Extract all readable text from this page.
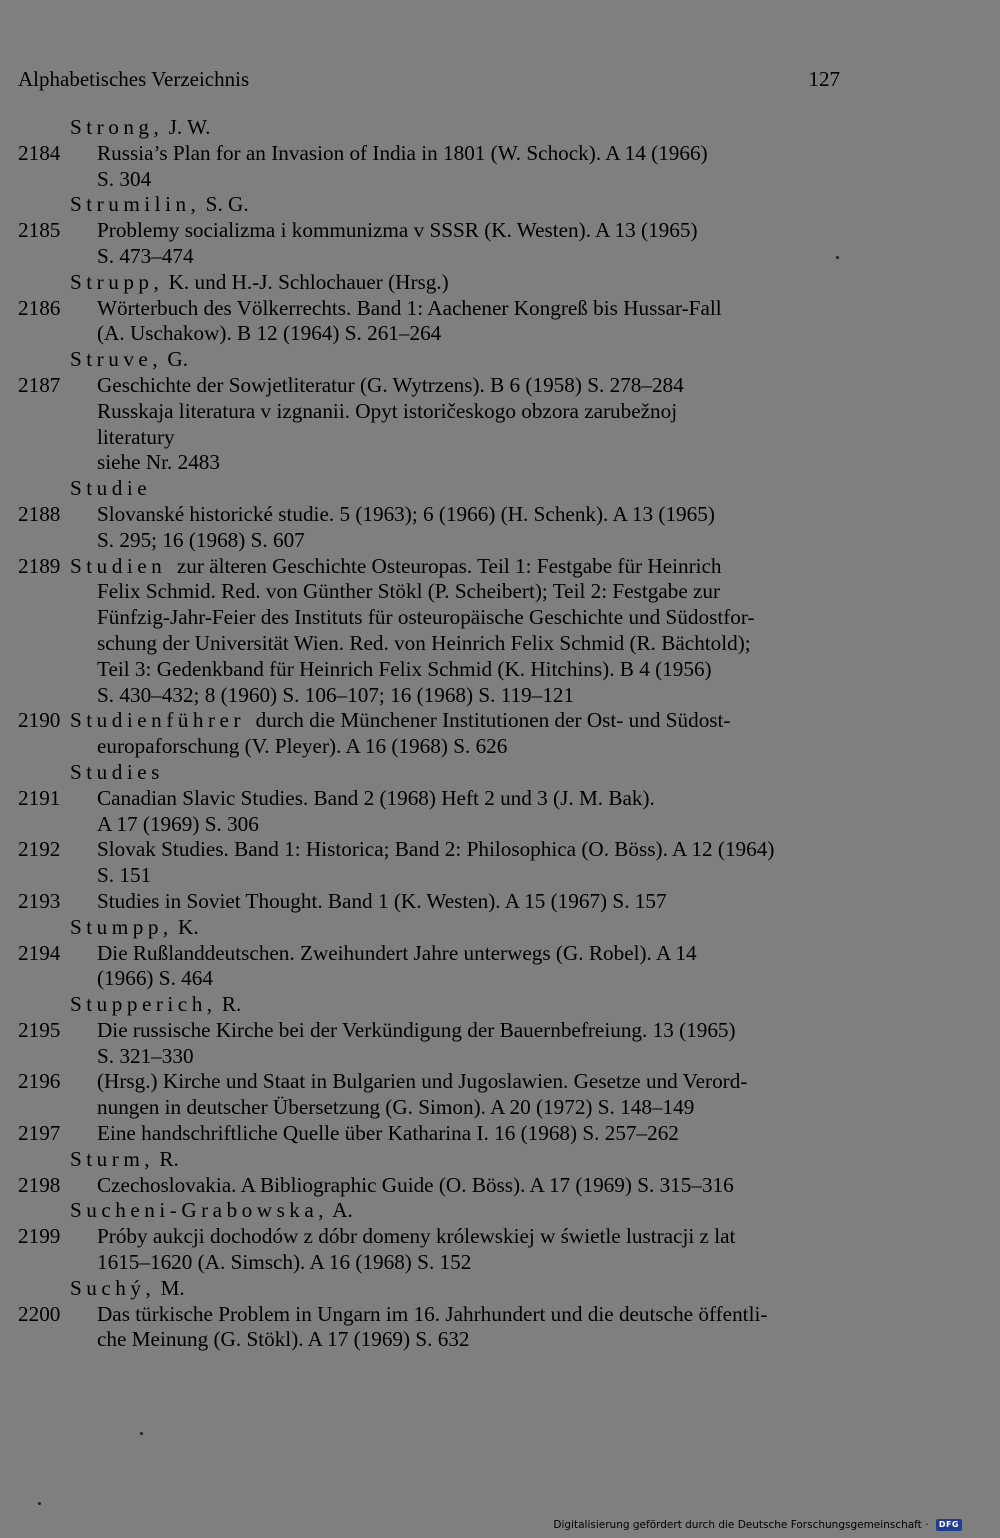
Alphabetisches Verzeichnis	127
Strong, J. W.
2184 Russia’s Plan for an Invasion of India in 1801 (W. Schock). A 14 (1966)
S. 304
Strumilin, S. G.
2185 Problemy socializma i kommunizma v SSSR (K. Westen). A 13 (1965)
S. 473–474
Strupp, K. und H.-J. Schlochauer (Hrsg.)
2186 Wörterbuch des Völkerrechts. Band 1: Aachener Kongreß bis Hussar-Fall
(A. Uschakow). B 12 (1964) S. 261–264
Struve, G.
2187 Geschichte der Sowjetliteratur (G. Wytrzens). B 6 (1958) S. 278–284
Russkaja literatura v izgnanii. Opyt istoričeskogo obzora zarubežnoj
literatury
siehe Nr. 2483
Studie
2188 Slovanské historické studie. 5 (1963); 6 (1966) (H. Schenk). A 13 (1965)
S. 295; 16 (1968) S. 607
2189 Studien  zur älteren Geschichte Osteuropas. Teil 1: Festgabe für Heinrich
Felix Schmid. Red. von Günther Stökl (P. Scheibert); Teil 2: Festgabe zur
Fünfzig-Jahr-Feier des Instituts für osteuropäische Geschichte und Südostfor-
schung der Universität Wien. Red. von Heinrich Felix Schmid (R. Bächtold);
Teil 3: Gedenkband für Heinrich Felix Schmid (K. Hitchins). B 4 (1956)
S. 430–432; 8 (1960) S. 106–107; 16 (1968) S. 119–121
2190 Studienführer  durch die Münchener Institutionen der Ost- und Südost-
europaforschung (V. Pleyer). A 16 (1968) S. 626
Studies
2191 Canadian Slavic Studies. Band 2 (1968) Heft 2 und 3 (J. M. Bak).
A 17 (1969) S. 306
2192 Slovak Studies. Band 1: Historica; Band 2: Philosophica (O. Böss). A 12 (1964)
S. 151
2193 Studies in Soviet Thought. Band 1 (K. Westen). A 15 (1967) S. 157
Stumpp, K.
2194 Die Rußlanddeutschen. Zweihundert Jahre unterwegs (G. Robel). A 14
(1966) S. 464
Stupperich, R.
2195 Die russische Kirche bei der Verkündigung der Bauernbefreiung. 13 (1965)
S. 321–330
2196 (Hrsg.) Kirche und Staat in Bulgarien und Jugoslawien. Gesetze und Verord-
nungen in deutscher Übersetzung (G. Simon). A 20 (1972) S. 148–149
2197 Eine handschriftliche Quelle über Katharina I. 16 (1968) S. 257–262
Sturm, R.
2198 Czechoslovakia. A Bibliographic Guide (O. Böss). A 17 (1969) S. 315–316
Sucheni-Grabowska, A.
2199 Próby aukcji dochodów z dóbr domeny królewskiej w świetle lustracji z lat
1615–1620 (A. Simsch). A 16 (1968) S. 152
Suchý, M.
2200 Das türkische Problem in Ungarn im 16. Jahrhundert und die deutsche öffentli-
che Meinung (G. Stökl). A 17 (1969) S. 632
Digitalisierung gefördert durch die Deutsche Forschungsgemeinschaft · DFG
